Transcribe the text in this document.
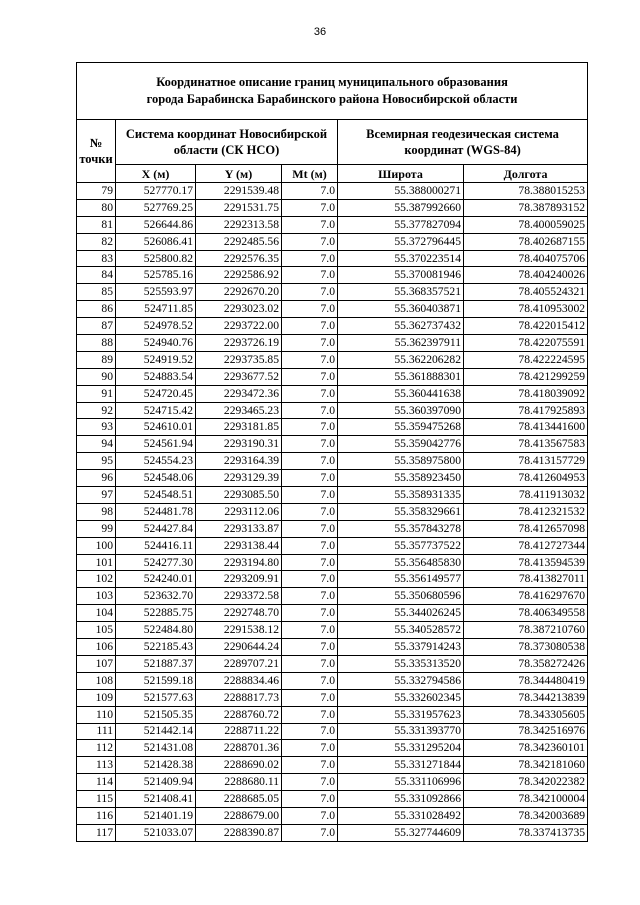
36
Координатное описание границ муниципального образования
города Барабинска Барабинского района Новосибирской области					

№
точки	Система координат Новосибирской области (СК НСО)			Всемирная геодезическая система координат (WGS-84)	
	X (м)	Y (м)	Mt (м)	Широта	Долгота
79	527770.17	2291539.48	7.0	55.388000271	78.388015253
80	527769.25	2291531.75	7.0	55.387992660	78.387893152
81	526644.86	2292313.58	7.0	55.377827094	78.400059025
82	526086.41	2292485.56	7.0	55.372796445	78.402687155
83	525800.82	2292576.35	7.0	55.370223514	78.404075706
84	525785.16	2292586.92	7.0	55.370081946	78.404240026
85	525593.97	2292670.20	7.0	55.368357521	78.405524321
86	524711.85	2293023.02	7.0	55.360403871	78.410953002
87	524978.52	2293722.00	7.0	55.362737432	78.422015412
88	524940.76	2293726.19	7.0	55.362397911	78.422075591
89	524919.52	2293735.85	7.0	55.362206282	78.422224595
90	524883.54	2293677.52	7.0	55.361888301	78.421299259
91	524720.45	2293472.36	7.0	55.360441638	78.418039092
92	524715.42	2293465.23	7.0	55.360397090	78.417925893
93	524610.01	2293181.85	7.0	55.359475268	78.413441600
94	524561.94	2293190.31	7.0	55.359042776	78.413567583
95	524554.23	2293164.39	7.0	55.358975800	78.413157729
96	524548.06	2293129.39	7.0	55.358923450	78.412604953
97	524548.51	2293085.50	7.0	55.358931335	78.411913032
98	524481.78	2293112.06	7.0	55.358329661	78.412321532
99	524427.84	2293133.87	7.0	55.357843278	78.412657098
100	524416.11	2293138.44	7.0	55.357737522	78.412727344
101	524277.30	2293194.80	7.0	55.356485830	78.413594539
102	524240.01	2293209.91	7.0	55.356149577	78.413827011
103	523632.70	2293372.58	7.0	55.350680596	78.416297670
104	522885.75	2292748.70	7.0	55.344026245	78.406349558
105	522484.80	2291538.12	7.0	55.340528572	78.387210760
106	522185.43	2290644.24	7.0	55.337914243	78.373080538
107	521887.37	2289707.21	7.0	55.335313520	78.358272426
108	521599.18	2288834.46	7.0	55.332794586	78.344480419
109	521577.63	2288817.73	7.0	55.332602345	78.344213839
110	521505.35	2288760.72	7.0	55.331957623	78.343305605
111	521442.14	2288711.22	7.0	55.331393770	78.342516976
112	521431.08	2288701.36	7.0	55.331295204	78.342360101
113	521428.38	2288690.02	7.0	55.331271844	78.342181060
114	521409.94	2288680.11	7.0	55.331106996	78.342022382
115	521408.41	2288685.05	7.0	55.331092866	78.342100004
116	521401.19	2288679.00	7.0	55.331028492	78.342003689
117	521033.07	2288390.87	7.0	55.327744609	78.337413735
